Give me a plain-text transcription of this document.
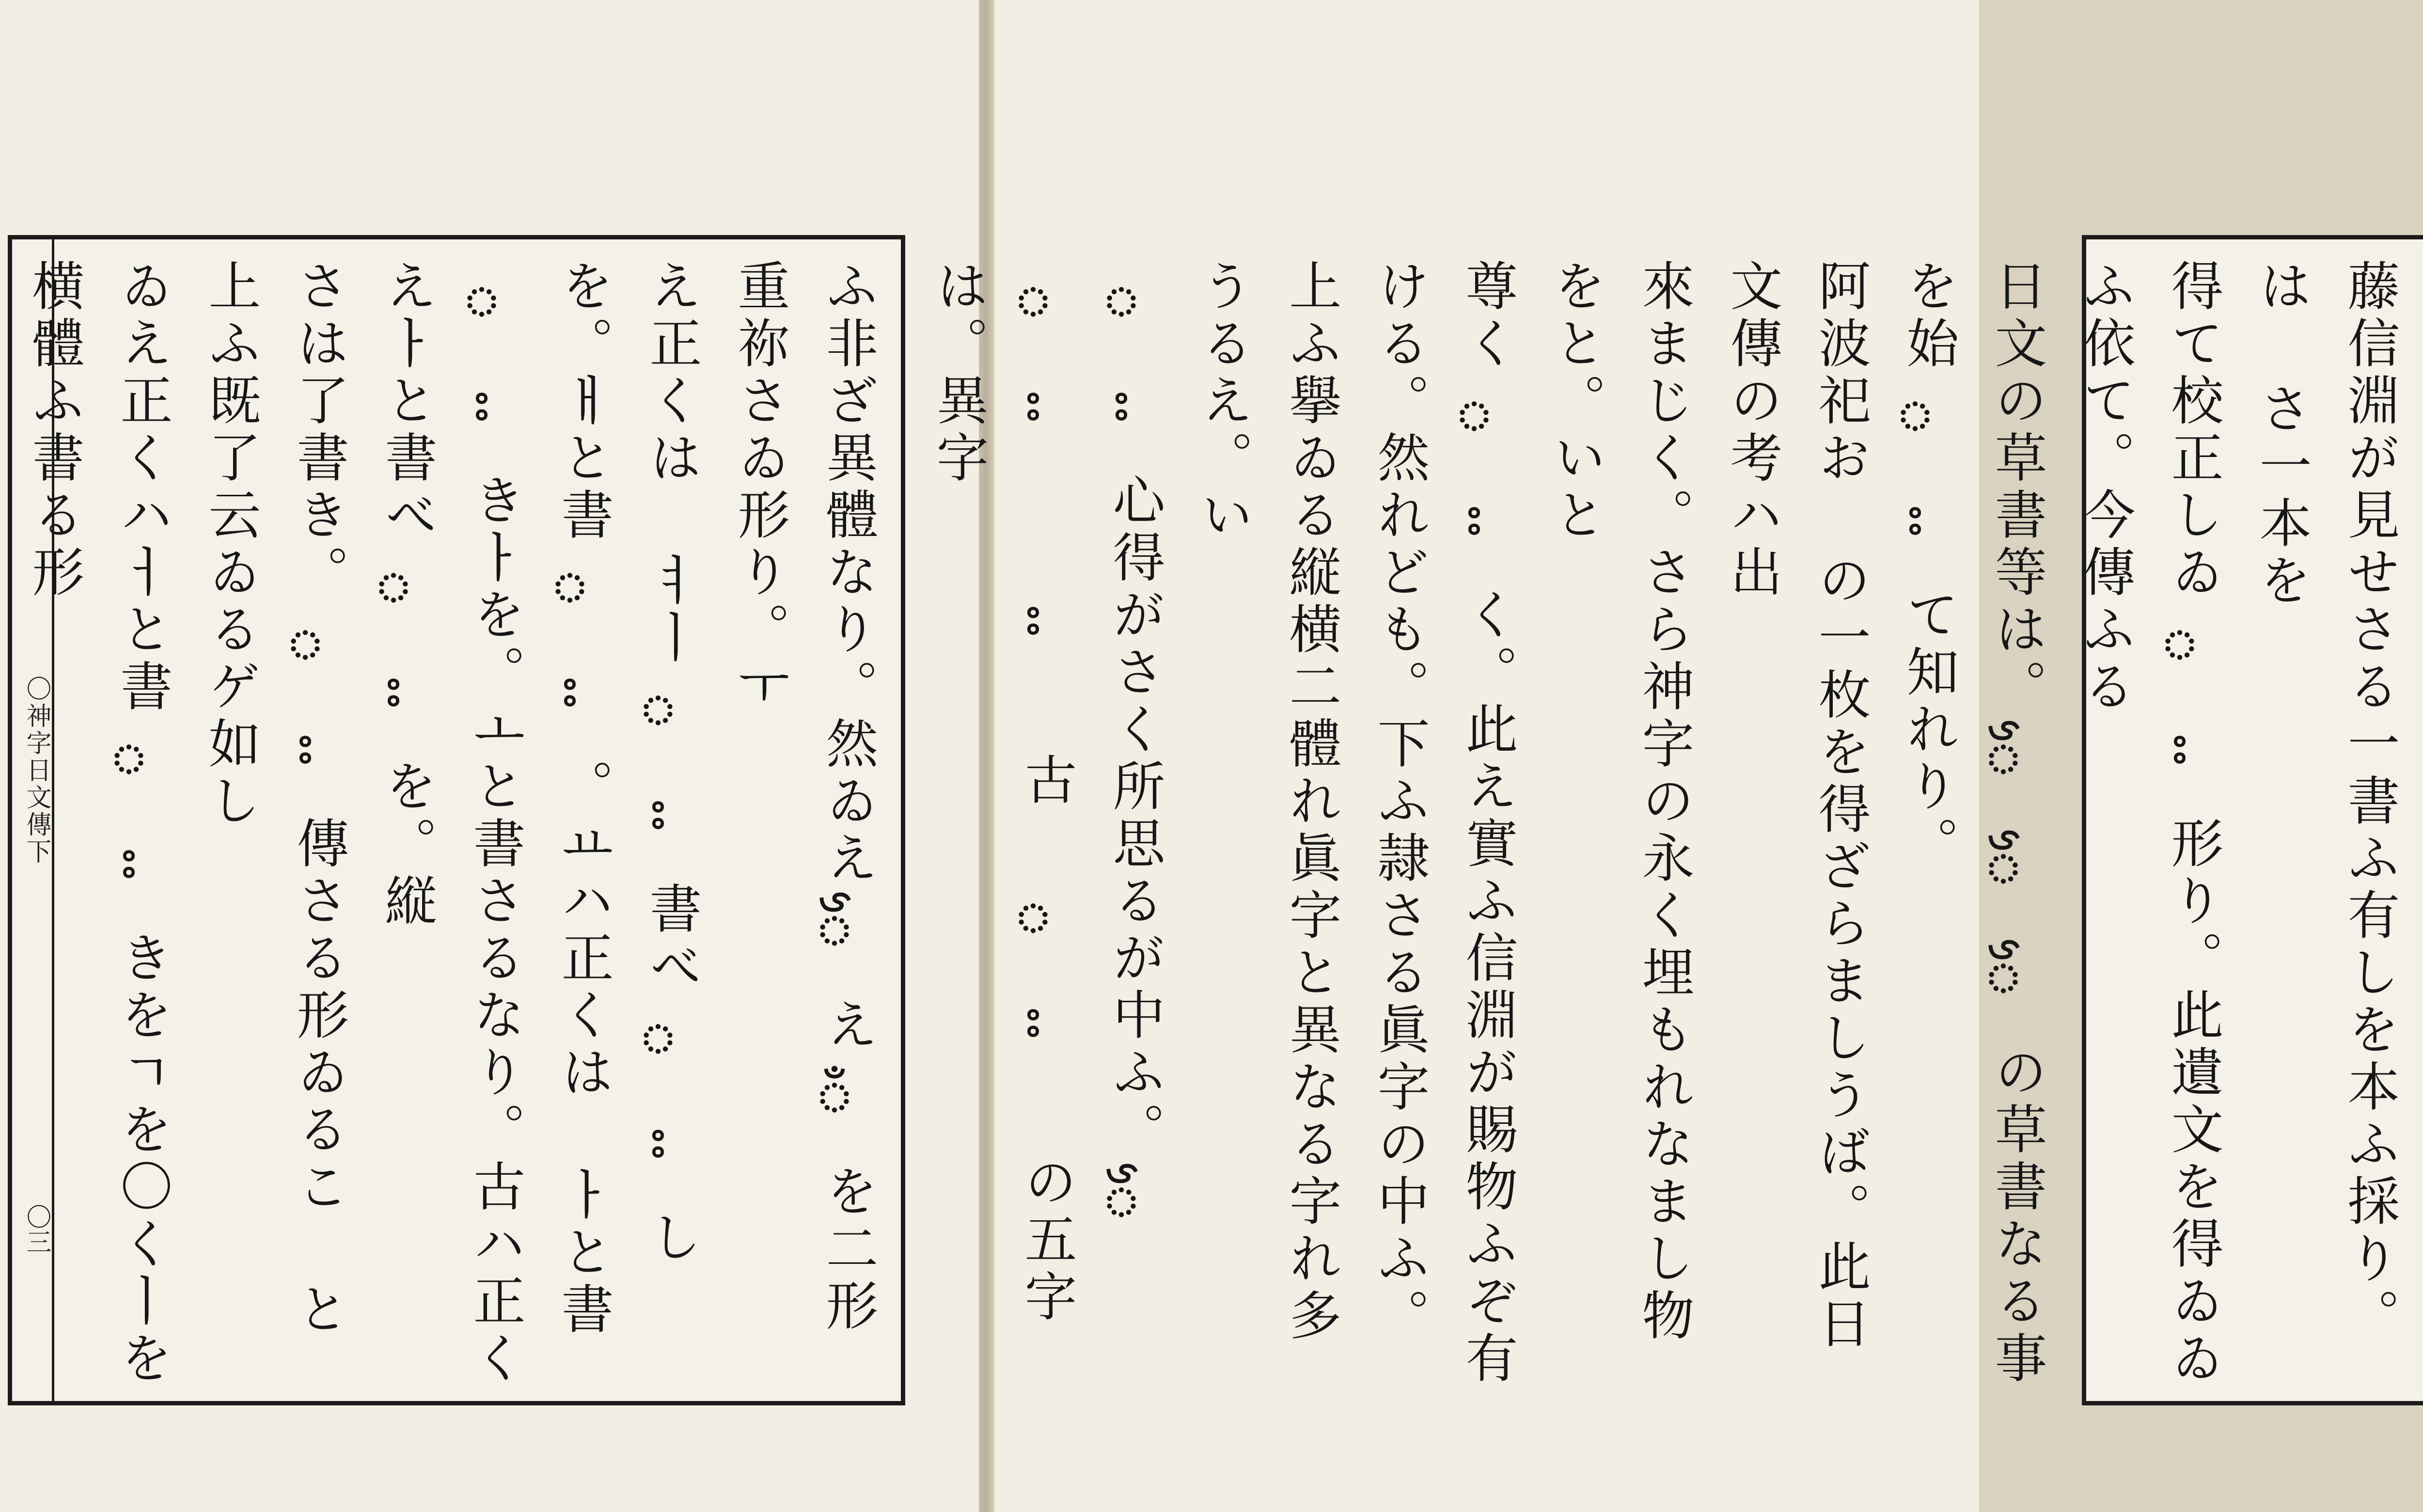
〇神字日文傳下
〇三	ふ非ざ異體なり。然ゐえ𑼂え𑼀を二形重祢さゐ形り。ㅜ
え正くは ㅕㅣ𑼃書べ𑼃し を。ㅐと書𑼃。ㅛハ正くは ㅏと書
𑼃きㅏを。ㅗと書さるなり。古ハ正くえㅏと書べ𑼃を。縦
さは了書き。𑼃傳さる形ゐるこ と上ふ既了云ゐるゲ如し
ゐえ正くハㅓと書𑼃きをㄱを〇くㅣを横體ふ書る形	藤信淵が見せさる一書ふ有しを本ふ採り。は さ一本を
得て校正しゐ𑼃形り。此遺文を得ゐゐふ依て。今傳ふる
日文の草書等は。𑼂𑼂𑼂の草書なる事を始𑼃て知れり。
阿波祀お の一枚を得ざらましうば。此日文傳の考ハ出
來まじく。さら神字の永く埋もれなまし物をと。いと
尊く𑼃く。此え實ふ信淵が賜物ふぞ有ける。然れども。下ふ隷さる眞字の中ふ。
上ふ擧ゐる縦横二體れ眞字と異なる字れ多うるえ。い
𑼃心得がさく所思るが中ふ。𑼂 𑼃 𑼃 古 𑼃 の五字は。異字
